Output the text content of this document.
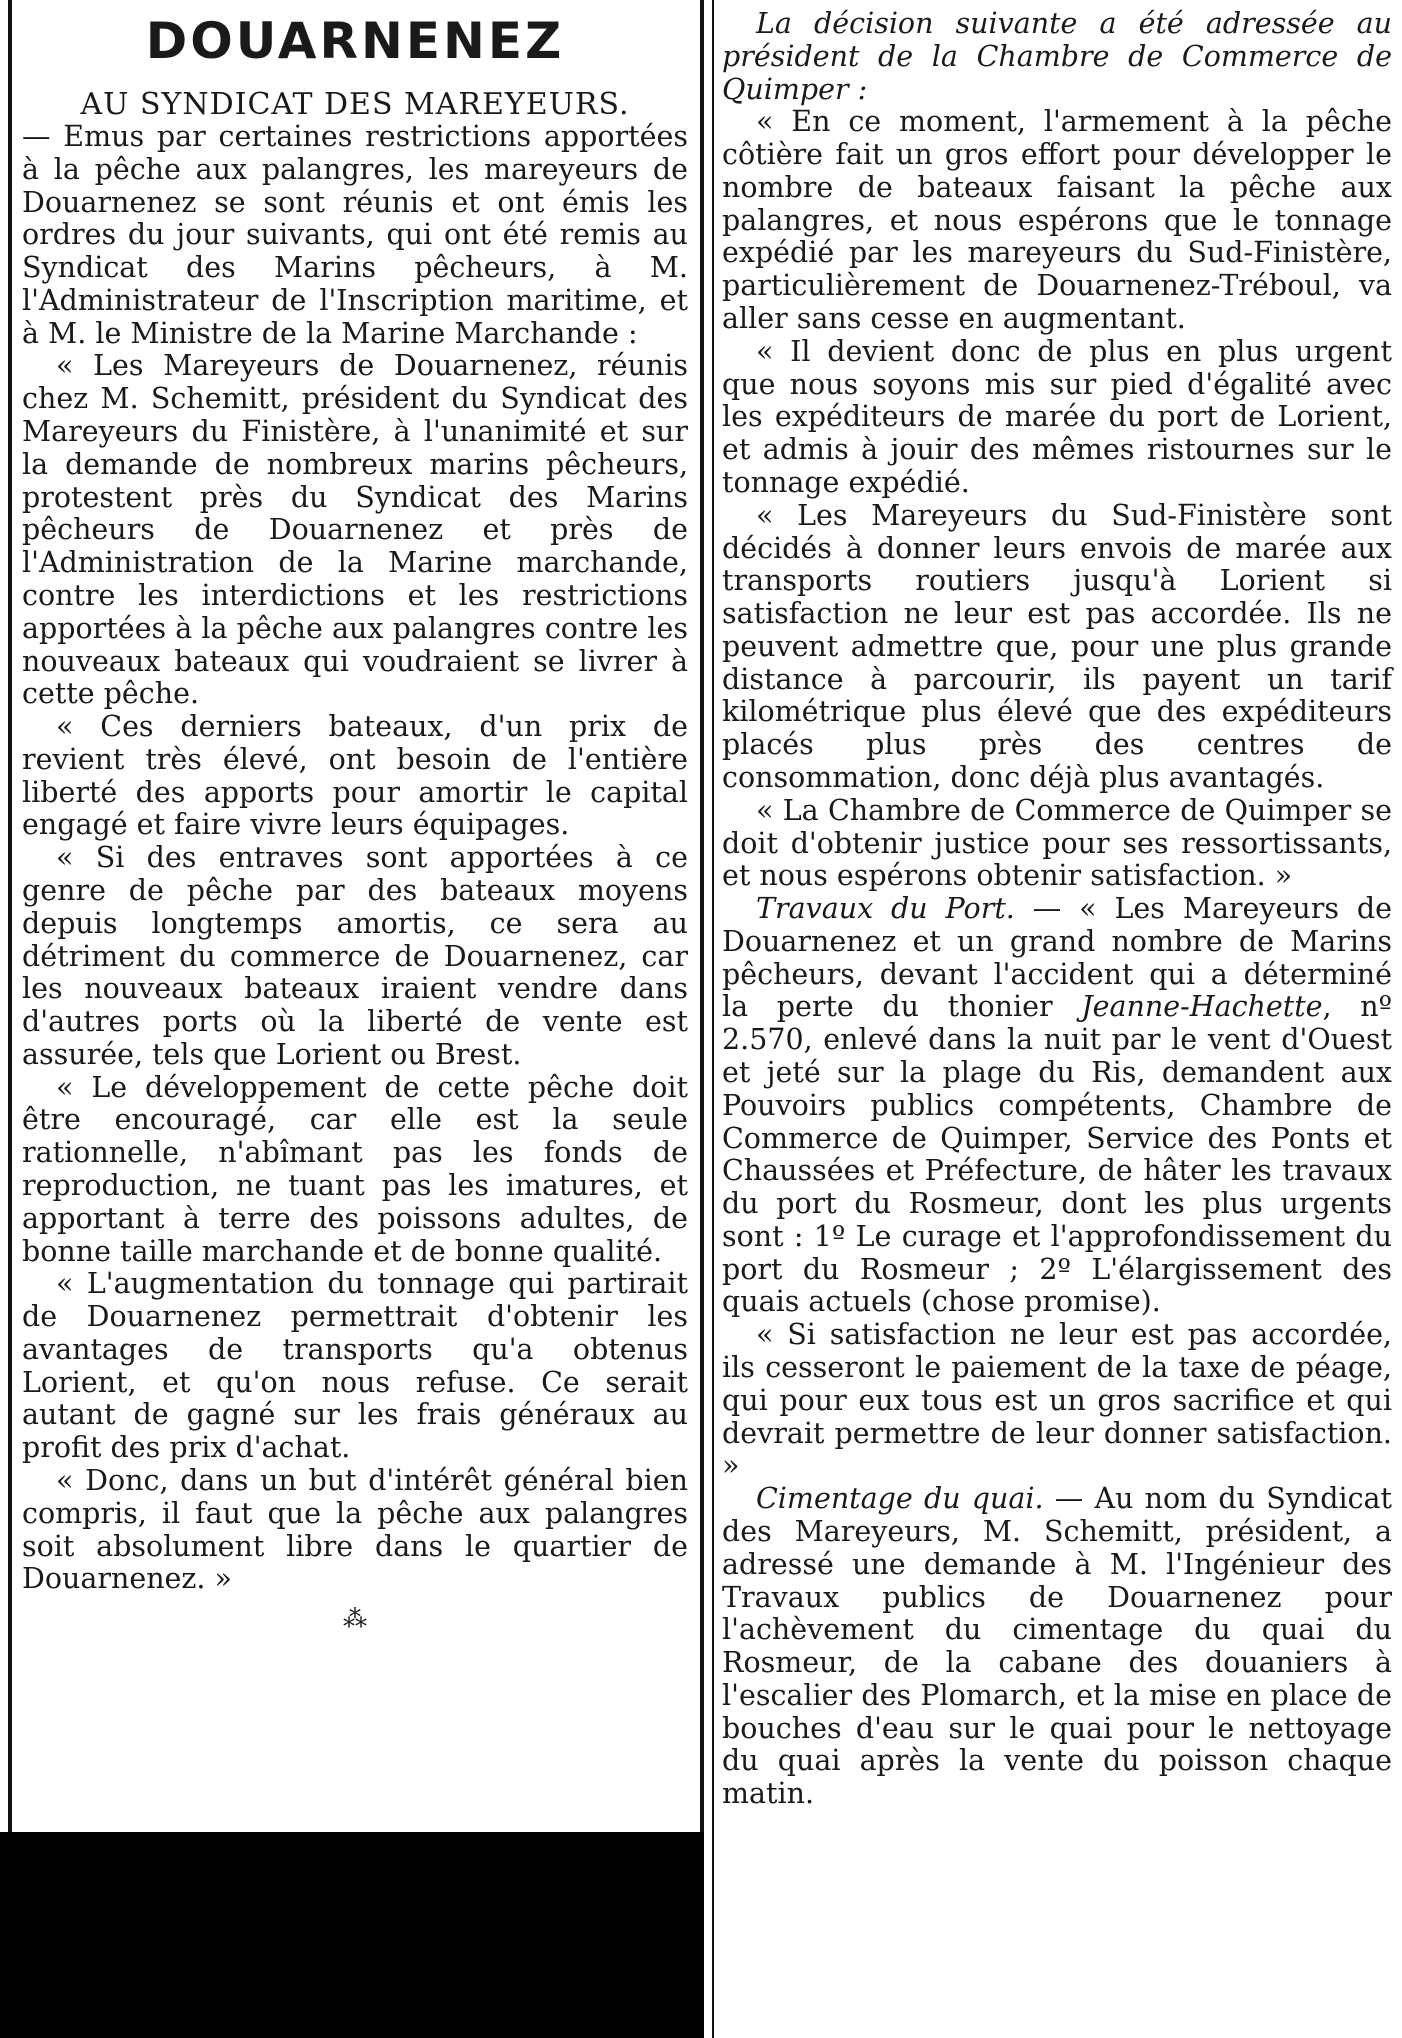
DOUARNENEZ
AU SYNDICAT DES MAREYEURS.

— Emus par certaines restrictions apportées à la pêche aux palangres, les mareyeurs de Douarnenez se sont réunis et ont émis les ordres du jour suivants, qui ont été remis au Syndicat des Marins pêcheurs, à M. l'Administrateur de l'Inscription maritime, et à M. le Ministre de la Marine Marchande :

« Les Mareyeurs de Douarnenez, réunis chez M. Schemitt, président du Syndicat des Mareyeurs du Finistère, à l'unanimité et sur la demande de nombreux marins pêcheurs, protestent près du Syndicat des Marins pêcheurs de Douarnenez et près de l'Administration de la Marine marchande, contre les interdictions et les restrictions apportées à la pêche aux palangres contre les nouveaux bateaux qui voudraient se livrer à cette pêche.

« Ces derniers bateaux, d'un prix de revient très élevé, ont besoin de l'entière liberté des apports pour amortir le capital engagé et faire vivre leurs équipages.

« Si des entraves sont apportées à ce genre de pêche par des bateaux moyens depuis longtemps amortis, ce sera au détriment du commerce de Douarnenez, car les nouveaux bateaux iraient vendre dans d'autres ports où la liberté de vente est assurée, tels que Lorient ou Brest.

« Le développement de cette pêche doit être encouragé, car elle est la seule rationnelle, n'abîmant pas les fonds de reproduction, ne tuant pas les imatures, et apportant à terre des poissons adultes, de bonne taille marchande et de bonne qualité.

« L'augmentation du tonnage qui partirait de Douarnenez permettrait d'obtenir les avantages de transports qu'a obtenus Lorient, et qu'on nous refuse. Ce serait autant de gagné sur les frais généraux au profit des prix d'achat.

« Donc, dans un but d'intérêt général bien compris, il faut que la pêche aux palangres soit absolument libre dans le quartier de Douarnenez. »

⁂

La décision suivante a été adressée au président de la Chambre de Commerce de Quimper :

« En ce moment, l'armement à la pêche côtière fait un gros effort pour développer le nombre de bateaux faisant la pêche aux palangres, et nous espérons que le tonnage expédié par les mareyeurs du Sud-Finistère, particulièrement de Douarnenez-Tréboul, va aller sans cesse en augmentant.

« Il devient donc de plus en plus urgent que nous soyons mis sur pied d'égalité avec les expéditeurs de marée du port de Lorient, et admis à jouir des mêmes ristournes sur le tonnage expédié.

« Les Mareyeurs du Sud-Finistère sont décidés à donner leurs envois de marée aux transports routiers jusqu'à Lorient si satisfaction ne leur est pas accordée. Ils ne peuvent admettre que, pour une plus grande distance à parcourir, ils payent un tarif kilométrique plus élevé que des expéditeurs placés plus près des centres de consommation, donc déjà plus avantagés.

« La Chambre de Commerce de Quimper se doit d'obtenir justice pour ses ressortissants, et nous espérons obtenir satisfaction. »

Travaux du Port. — « Les Mareyeurs de Douarnenez et un grand nombre de Marins pêcheurs, devant l'accident qui a déterminé la perte du thonier Jeanne-Hachette, nº 2.570, enlevé dans la nuit par le vent d'Ouest et jeté sur la plage du Ris, demandent aux Pouvoirs publics compétents, Chambre de Commerce de Quimper, Service des Ponts et Chaussées et Préfecture, de hâter les travaux du port du Rosmeur, dont les plus urgents sont : 1º Le curage et l'approfondissement du port du Rosmeur ; 2º L'élargissement des quais actuels (chose promise).

« Si satisfaction ne leur est pas accordée, ils cesseront le paiement de la taxe de péage, qui pour eux tous est un gros sacrifice et qui devrait permettre de leur donner satisfaction. »

Cimentage du quai. — Au nom du Syndicat des Mareyeurs, M. Schemitt, président, a adressé une demande à M. l'Ingénieur des Travaux publics de Douarnenez pour l'achèvement du cimentage du quai du Rosmeur, de la cabane des douaniers à l'escalier des Plomarch, et la mise en place de bouches d'eau sur le quai pour le nettoyage du quai après la vente du poisson chaque matin.
